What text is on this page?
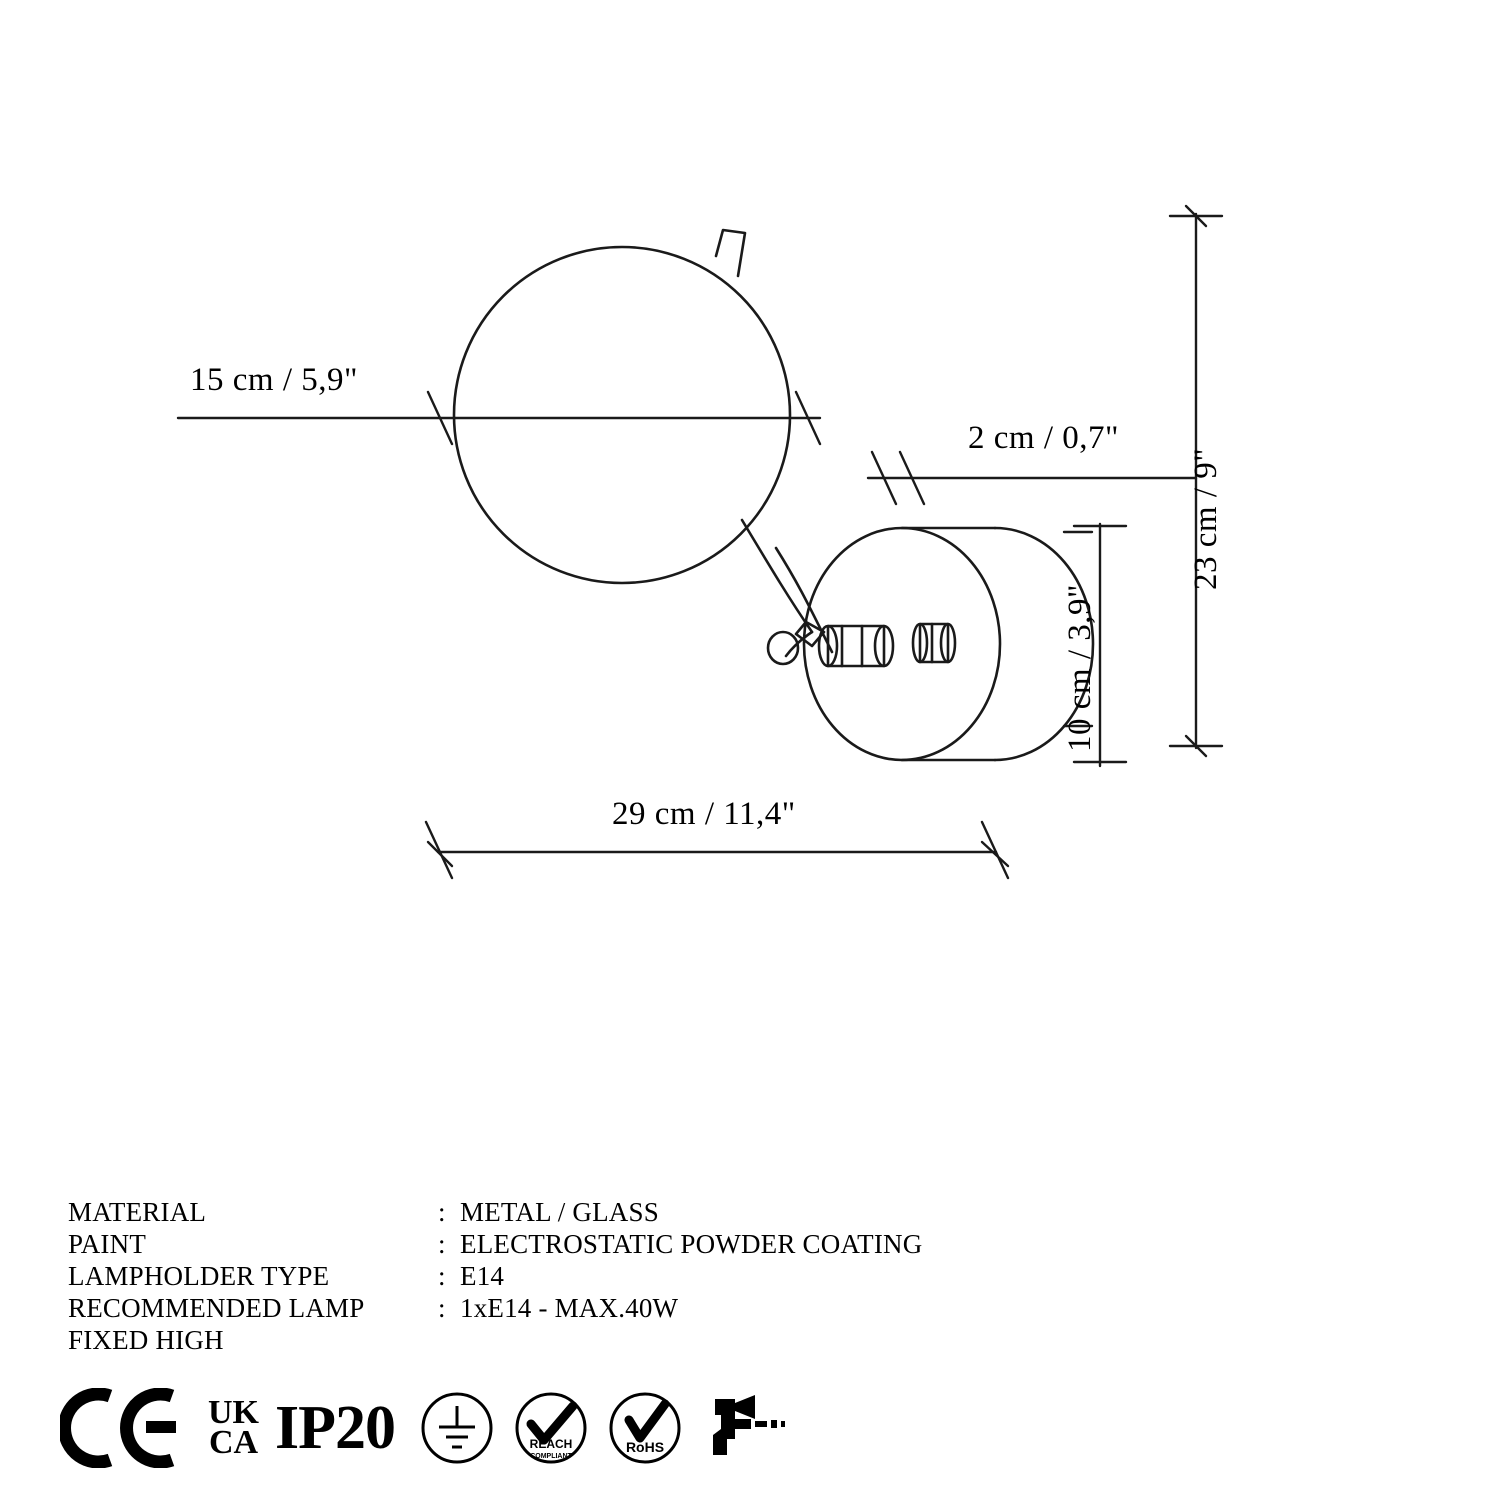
15 cm / 5,9"
2 cm / 0,7"
23 cm / 9"
10 cm / 3,9"
29 cm / 11,4"
MATERIAL	: METAL / GLASS
PAINT	: ELECTROSTATIC POWDER COATING
LAMPHOLDER TYPE	: E14
RECOMMENDED LAMP	: 1xE14 - MAX.40W
FIXED HIGH
UK
CA IP20	REACH
COMPLIANT
RoHS
